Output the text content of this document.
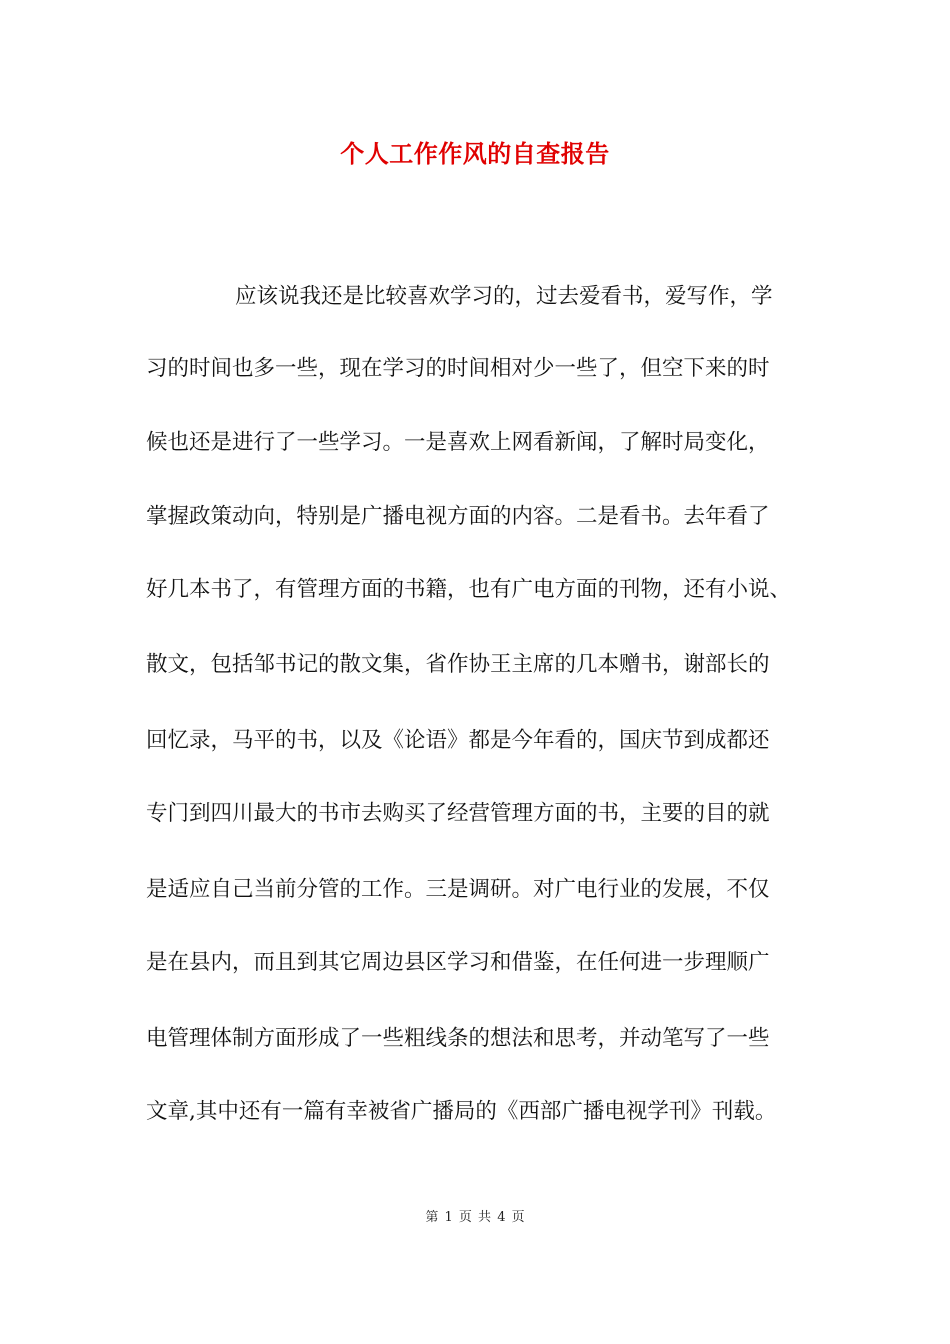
个人工作作风的自查报告
应该说我还是比较喜欢学习的，过去爱看书，爱写作，学
习的时间也多一些，现在学习的时间相对少一些了，但空下来的时
候也还是进行了一些学习。一是喜欢上网看新闻，了解时局变化，
掌握政策动向，特别是广播电视方面的内容。二是看书。去年看了
好几本书了，有管理方面的书籍，也有广电方面的刊物，还有小说、
散文，包括邹书记的散文集，省作协王主席的几本赠书，谢部长的
回忆录，马平的书，以及《论语》都是今年看的，国庆节到成都还
专门到四川最大的书市去购买了经营管理方面的书，主要的目的就
是适应自己当前分管的工作。三是调研。对广电行业的发展，不仅
是在县内，而且到其它周边县区学习和借鉴，在任何进一步理顺广
电管理体制方面形成了一些粗线条的想法和思考，并动笔写了一些
文章,其中还有一篇有幸被省广播局的《西部广播电视学刊》刊载。
第 1 页 共 4 页
